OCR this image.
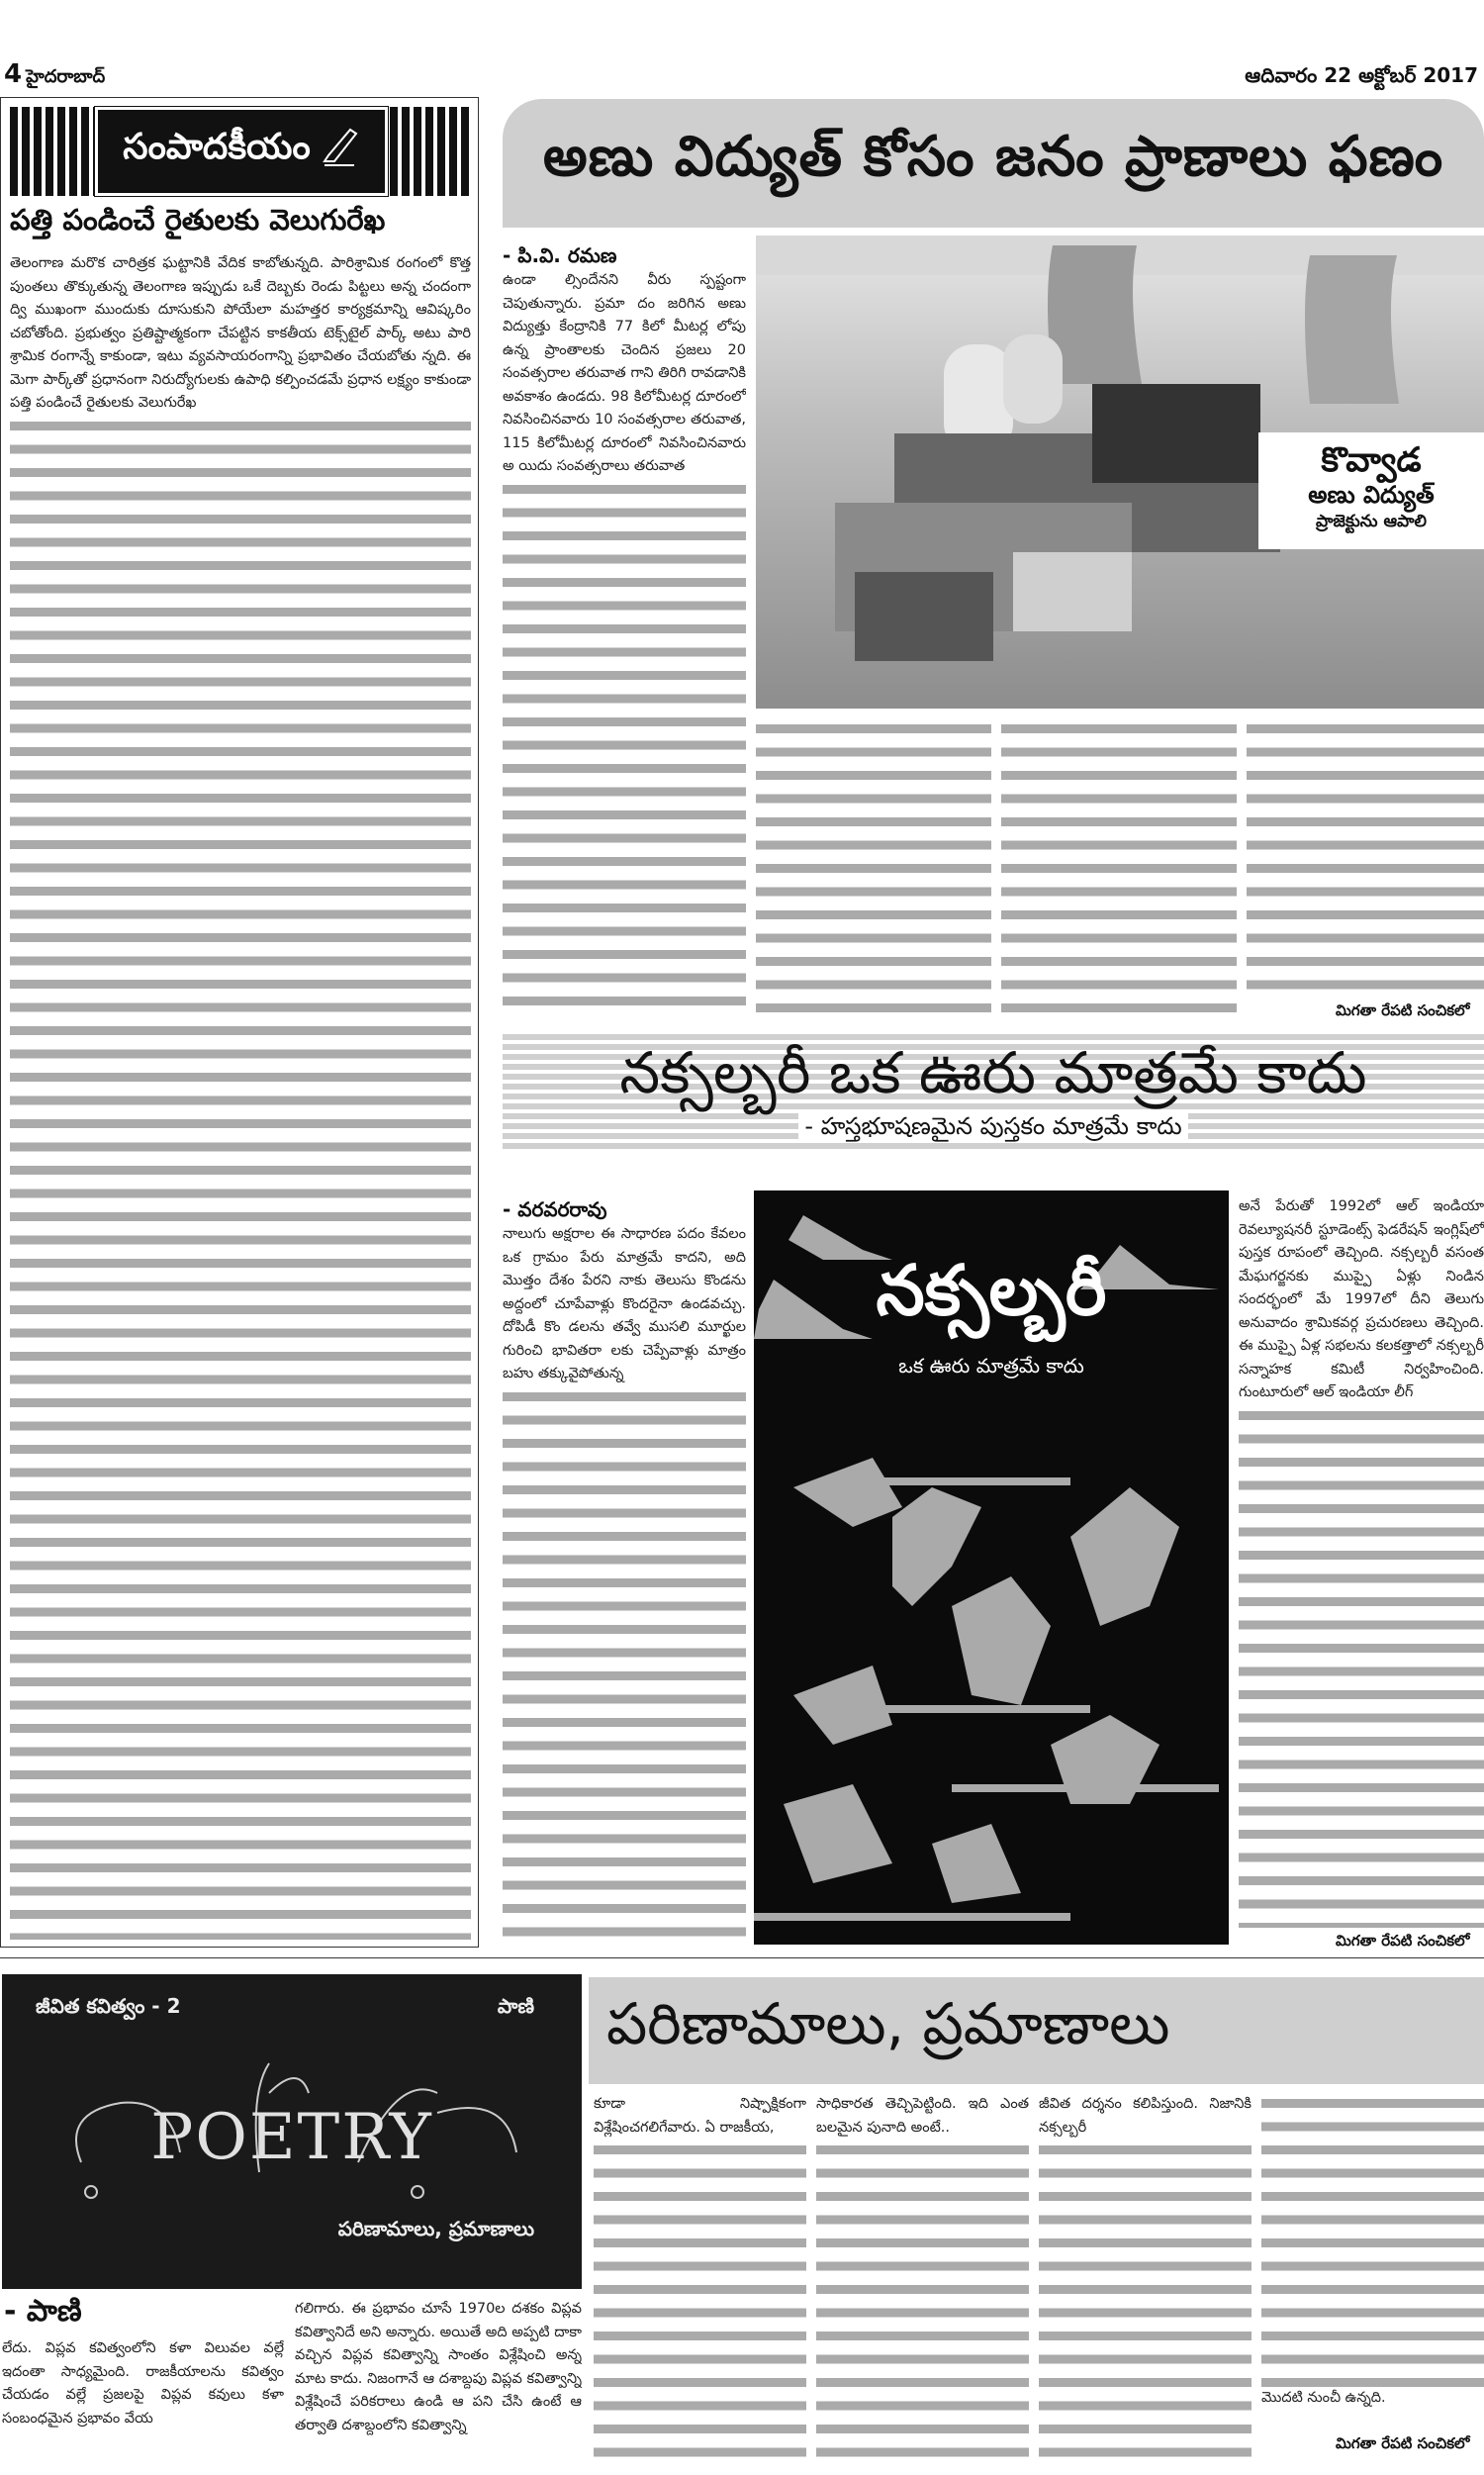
4 హైదరాబాద్	ఆదివారం 22 అక్టోబర్ 2017
సంపాదకీయం
పత్తి పండించే రైతులకు వెలుగురేఖ

తెలంగాణ మరొక చారిత్రక ఘట్టానికి వేదిక కాబోతున్నది. పారిశ్రామిక రంగంలో కొత్త పుంతలు తొక్కుతున్న తెలంగాణ ఇప్పుడు ఒకే దెబ్బకు రెండు పిట్టలు అన్న చందంగా ద్వి ముఖంగా ముందుకు దూసుకుని పోయేలా మహత్తర కార్యక్రమాన్ని ఆవిష్కరిం చబోతోంది. ప్రభుత్వం ప్రతిష్టాత్మకంగా చేపట్టిన కాకతీయ టెక్స్‌టైల్ పార్క్ అటు పారి శ్రామిక రంగాన్నే కాకుండా, ఇటు వ్యవసాయరంగాన్ని ప్రభావితం చేయబోతు న్నది. ఈ మెగా పార్క్‌తో ప్రధానంగా నిరుద్యోగులకు ఉపాధి కల్పించడమే ప్రధాన లక్ష్యం కాకుండా పత్తి పండించే రైతులకు వెలుగురేఖ

అణు విద్యుత్ కోసం జనం ప్రాణాలు ఫణం
- పి.వి. రమణ

ఉండా ల్సిందేనని వీరు స్పష్టంగా చెపుతున్నారు. ప్రమా దం జరిగిన అణు విద్యుత్తు కేంద్రానికి 77 కిలో మీటర్ల లోపు ఉన్న ప్రాంతాలకు చెందిన ప్రజలు 20 సంవత్సరాల తరువాత గాని తిరిగి రావడానికి అవకాశం ఉండదు. 98 కిలోమీటర్ల దూరంలో నివసించినవారు 10 సంవత్సరాల తరువాత, 115 కిలోమీటర్ల దూరంలో నివసించినవారు అ యిదు సంవత్సరాలు తరువాత	కొవ్వాడ
అణు విద్యుత్
ప్రాజెక్టును ఆపాలి
మిగతా రేపటి సంచికలో
నక్సల్బరీ ఒక ఊరు మాత్రమే కాదు
- హస్తభూషణమైన పుస్తకం మాత్రమే కాదు
- వరవరరావు

నాలుగు అక్షరాల ఈ సాధారణ పదం కేవలం ఒక గ్రామం పేరు మాత్రమే కాదని, అది మొత్తం దేశం పేరని నాకు తెలుసు కొండను అద్దంలో చూపేవాళ్లు కొందరైనా ఉండవచ్చు. దోపిడీ కొం డలను తవ్వే ముసలి మూర్ఖుల గురించి భావితరా లకు చెప్పేవాళ్లు మాత్రం బహు తక్కువైపోతున్న

నక్సల్బరీ
ఒక ఊరు మాత్రమే కాదు

అనే పేరుతో 1992లో ఆల్ ఇండియా రెవల్యూషనరీ స్టూడెంట్స్ ఫెడరేషన్ ఇంగ్లిష్‌లో పుస్తక రూపంలో తెచ్చింది. నక్సల్బరీ వసంత మేఘగర్జనకు ముప్పై ఏళ్లు నిండిన సందర్భంలో మే 1997లో దీని తెలుగు అనువాదం శ్రామికవర్గ ప్రచురణలు తెచ్చింది. ఈ ముప్పై ఏళ్ల సభలను కలకత్తాలో నక్సల్బరీ సన్నాహక కమిటీ నిర్వహించింది. గుంటూరులో ఆల్ ఇండియా లీగ్

మిగతా రేపటి సంచికలో
జీవిత కవిత్వం - 2	పాణి
POETRY
పరిణామాలు, ప్రమాణాలు
పరిణామాలు, ప్రమాణాలు
- పాణి

లేదు. విప్లవ కవిత్వంలోని కళా విలువల వల్లే ఇదంతా సాధ్యమైంది. రాజకీయాలను కవిత్వం చేయడం వల్లే ప్రజలపై విప్లవ కవులు కళా సంబంధమైన ప్రభావం వేయ

గలిగారు. ఈ ప్రభావం చూసే 1970ల దశకం విప్లవ కవిత్వానిదే అని అన్నారు. అయితే అది అప్పటి దాకా వచ్చిన విప్లవ కవిత్వాన్ని సాంతం విశ్లేషించి అన్న మాట కాదు. నిజంగానే ఆ దశాబ్దపు విప్లవ కవిత్వాన్ని విశ్లేషించే పరికరాలు ఉండి ఆ పని చేసి ఉంటే ఆ తర్వాతి దశాబ్దంలోని కవిత్వాన్ని

కూడా నిష్పాక్షికంగా విశ్లేషించగలిగేవారు. ఏ రాజకీయ,

సాధికారత తెచ్చిపెట్టింది. ఇది ఎంత బలమైన పునాది అంటే..

జీవిత దర్శనం కలిపిస్తుంది. నిజానికి నక్సల్బరీ

మొదటి నుంచీ ఉన్నది.

మిగతా రేపటి సంచికలో
